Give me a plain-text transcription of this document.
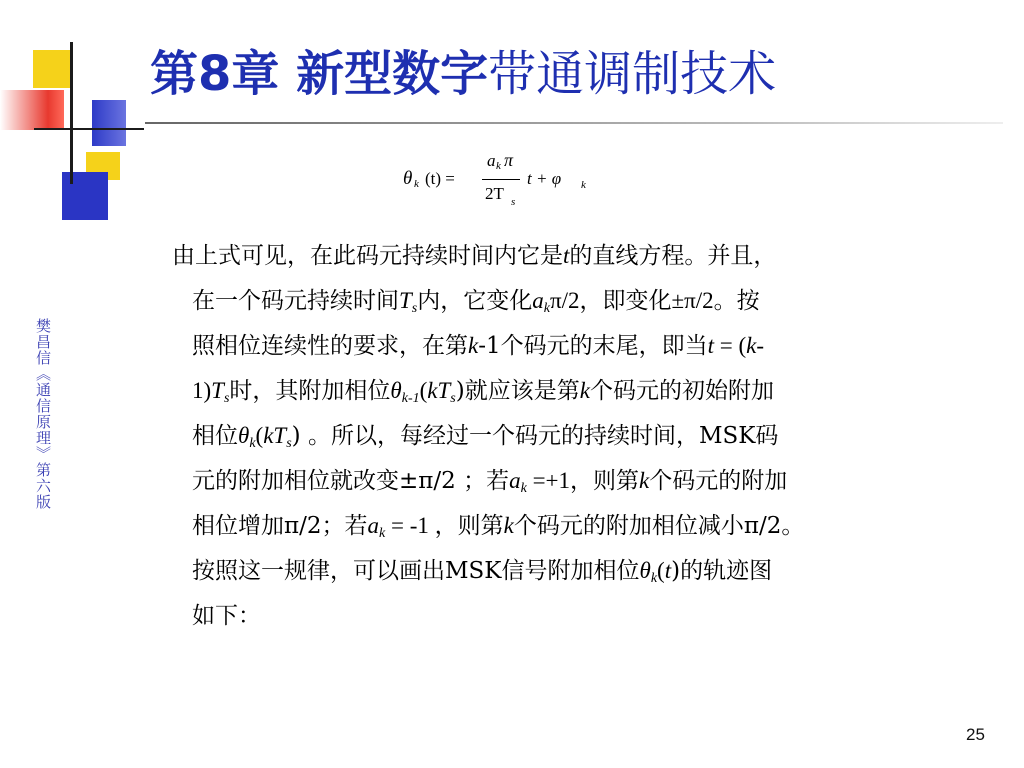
第8章 新型数字带通调制技术
θ k (t) =
a k π
2T s
t + φ k
樊昌信《通信原理》第六版
由上式可见，在此码元持续时间内它是t的直线方程。并且，
在一个码元持续时间$T_s$内，它变化$a_k\pi/2$，即变化±π/2。按
照相位连续性的要求，在第k-1个码元的末尾，即当t = (k-
$1)T_s$时，其附加相位$\theta_{k-1}(kT_s)$就应该是第k个码元的初始附加
相位$\theta_k(kT_s)$ 。所以，每经过一个码元的持续时间，MSK码
元的附加相位就改变±π/2 ；若$a_k =+1$，则第k个码元的附加
相位增加π/2；若$a_k = -1$ ，则第k个码元的附加相位减小π/2。
按照这一规律，可以画出MSK信号附加相位$\theta_k(t)$的轨迹图
如下：
25
